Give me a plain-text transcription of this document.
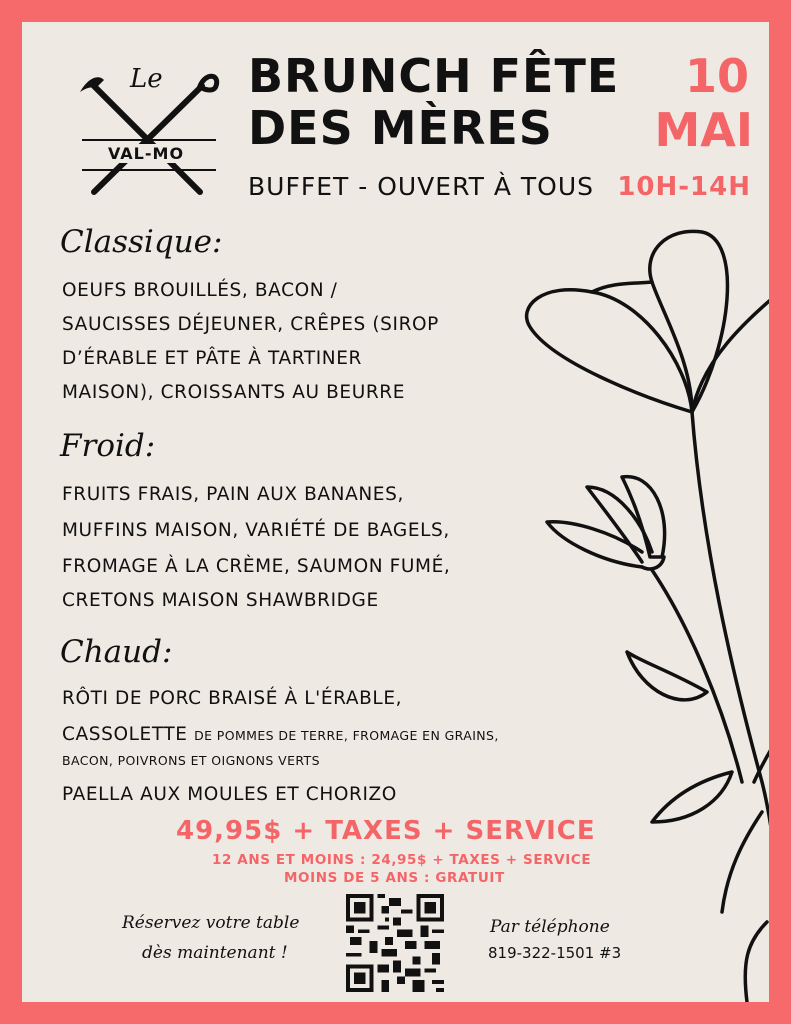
Le
VAL-MO
BRUNCH FÊTE
DES MÈRES
BUFFET - OUVERT À TOUS
10
MAI
10H-14H
Classique:
OEUFS BROUILLÉS, BACON /
SAUCISSES DÉJEUNER, CRÊPES (SIROP
D’ÉRABLE ET PÂTE À TARTINER
MAISON), CROISSANTS AU BEURRE
Froid:
FRUITS FRAIS, PAIN AUX BANANES,
MUFFINS MAISON, VARIÉTÉ DE BAGELS,
FROMAGE À LA CRÈME, SAUMON FUMÉ,
CRETONS MAISON SHAWBRIDGE
Chaud:
RÔTI DE PORC BRAISÉ À L'ÉRABLE,
CASSOLETTE DE POMMES DE TERRE, FROMAGE EN GRAINS,
BACON, POIVRONS ET OIGNONS VERTS
PAELLA AUX MOULES ET CHORIZO
49,95$ + TAXES + SERVICE
12 ANS ET MOINS : 24,95$ + TAXES + SERVICE
MOINS DE 5 ANS : GRATUIT
Réservez votre table
dès maintenant !
Par téléphone
819-322-1501 #3
